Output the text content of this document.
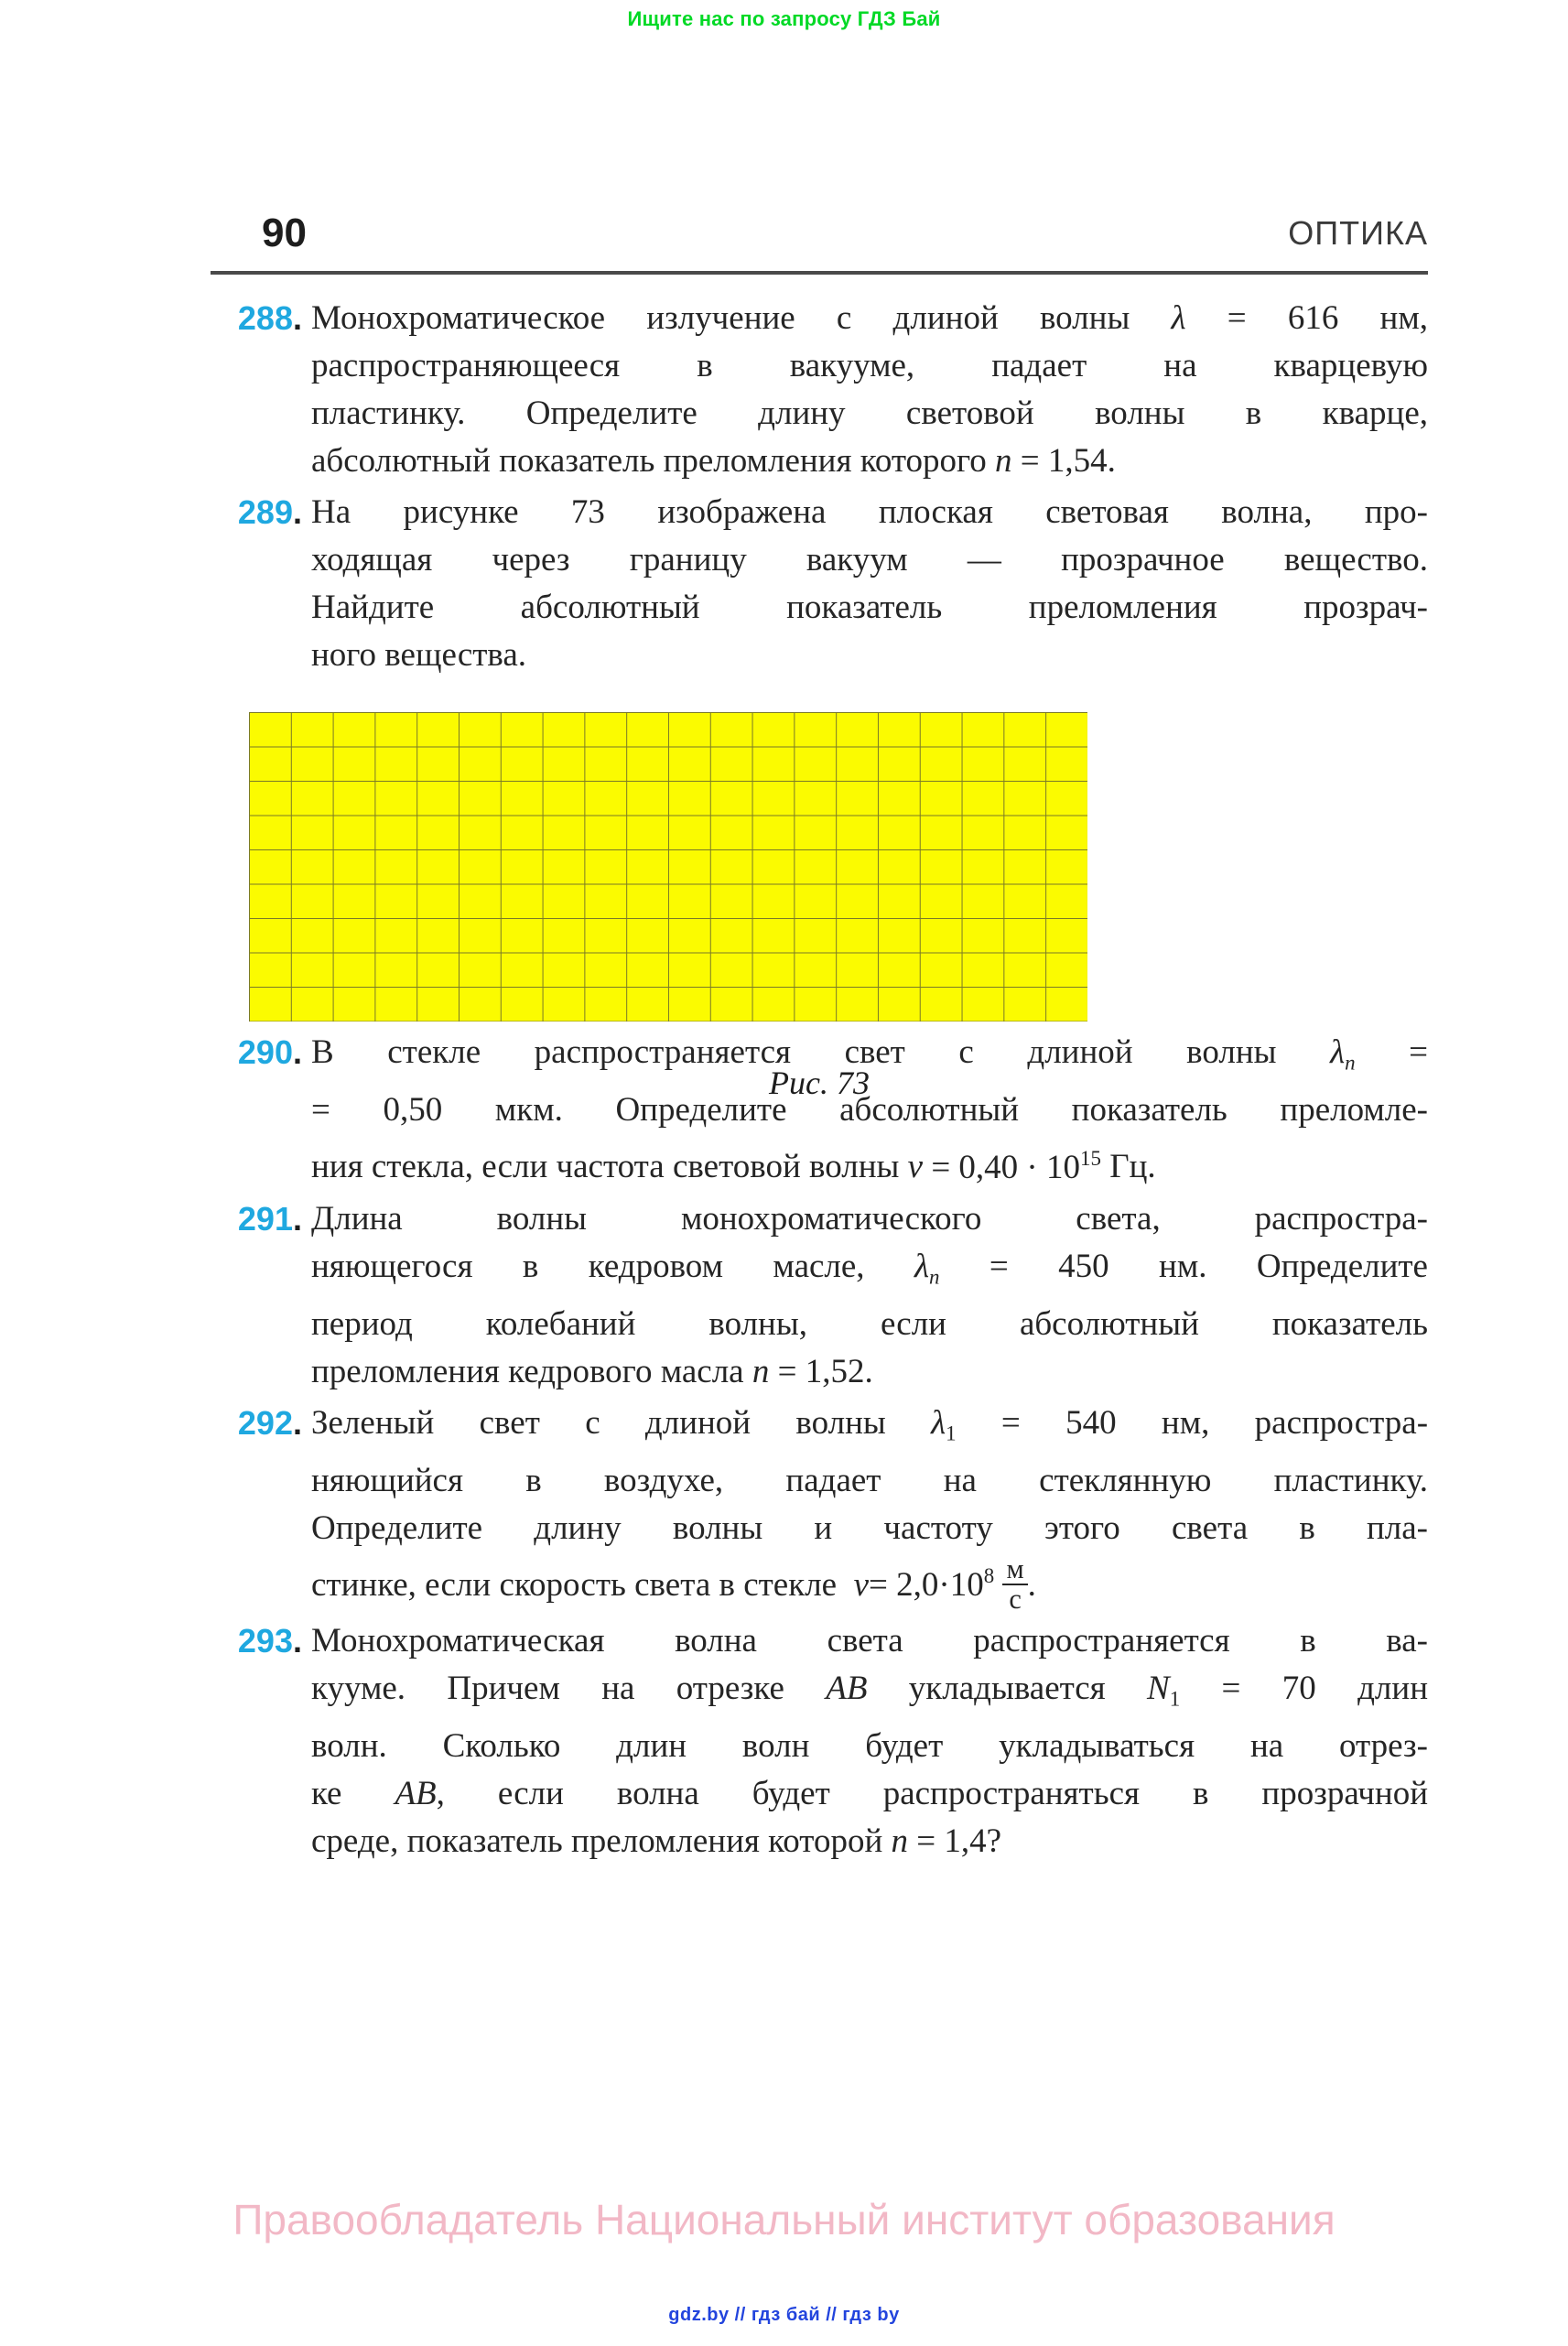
Ищите нас по запросу ГДЗ Бай
90	ОПТИКА
288. Монохроматическое излучение с длиной волны λ = 616 нм,
распространяющееся в вакууме, падает на кварцевую
пластинку. Определите длину световой волны в кварце,
абсолютный показатель преломления которого n = 1,54.
289. На рисунке 73 изображена плоская световая волна, про-
ходящая через границу вакуум — прозрачное вещество.
Найдите абсолютный показатель преломления прозрач-
ного вещества.
Рис. 73
290. В стекле распространяется свет с длиной волны $\lambda_n$ =
= 0,50 мкм. Определите абсолютный показатель преломле-
ния стекла, если частота световой волны $\nu = 0,40 \cdot 10^{15}$ Гц.
291. Длина волны монохроматического света, распростра-
няющегося в кедровом масле, $\lambda_n = 450$ нм. Определите
период колебаний волны, если абсолютный показатель
преломления кедрового масла n = 1,52.
292. Зеленый свет с длиной волны $\lambda_1 = 540$ нм, распростра-
няющийся в воздухе, падает на стеклянную пластинку.
Определите длину волны и частоту этого света в пла-
стинке, если скорость света в стекле $v= 2,0\cdot 10^8 \frac{м}{с}$ .
293. Монохроматическая волна света распространяется в ва-
кууме. Причем на отрезке AB укладывается $N_1 = 70$ длин
волн. Сколько длин волн будет укладываться на отрез-
ке AB, если волна будет распространяться в прозрачной
среде, показатель преломления которой n = 1,4?
Правообладатель Национальный институт образования
gdz.by // гдз бай // гдз by
